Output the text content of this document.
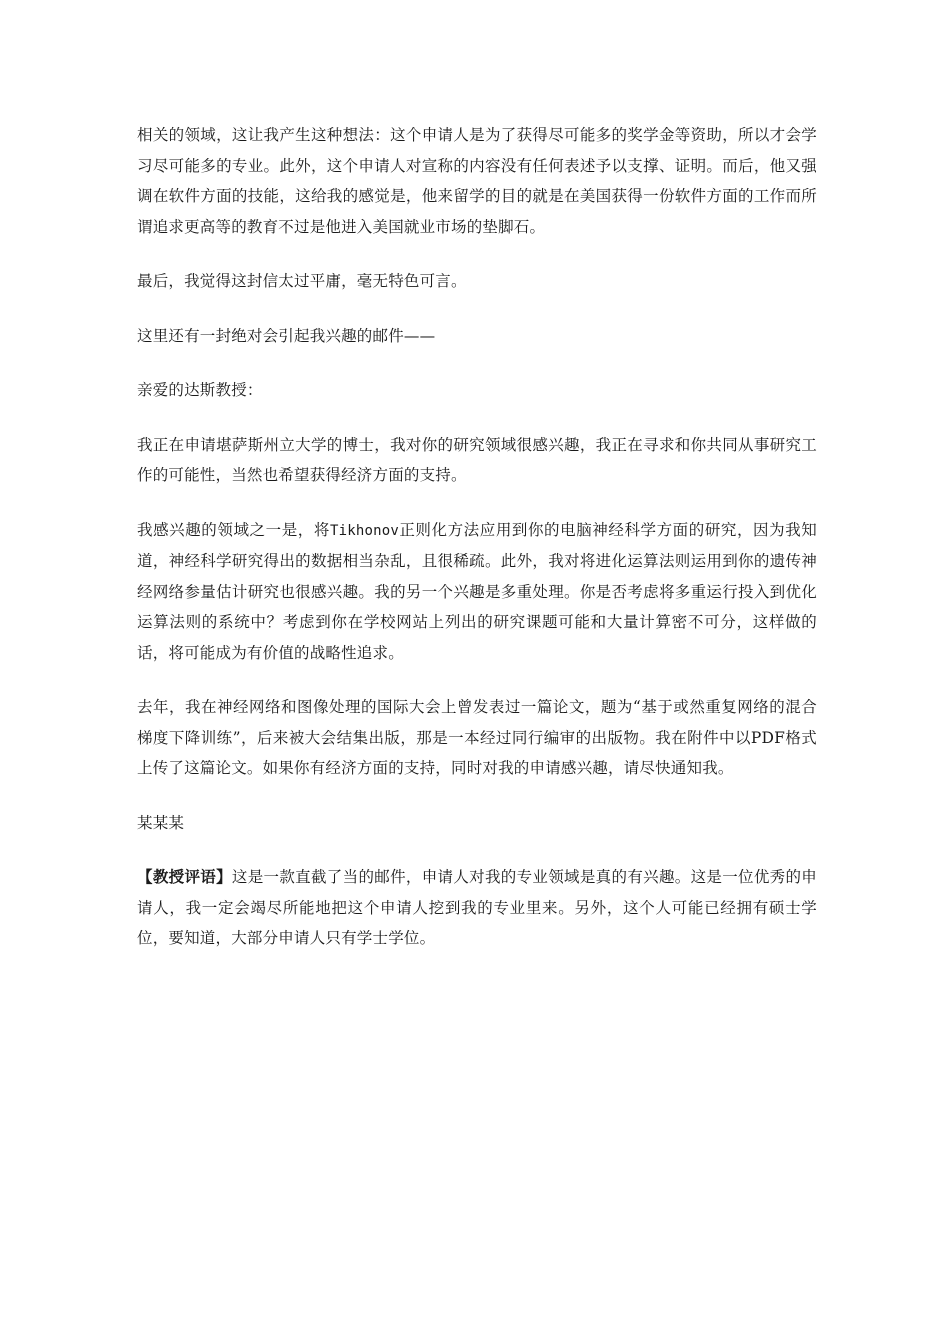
相关的领域，这让我产生这种想法：这个申请人是为了获得尽可能多的奖学金等资助，所以才会学习尽可能多的专业。此外，这个申请人对宣称的内容没有任何表述予以支撑、证明。而后，他又强调在软件方面的技能，这给我的感觉是，他来留学的目的就是在美国获得一份软件方面的工作而所谓追求更高等的教育不过是他进入美国就业市场的垫脚石。

最后，我觉得这封信太过平庸，毫无特色可言。

这里还有一封绝对会引起我兴趣的邮件——

亲爱的达斯教授：

我正在申请堪萨斯州立大学的博士，我对你的研究领域很感兴趣，我正在寻求和你共同从事研究工作的可能性，当然也希望获得经济方面的支持。

我感兴趣的领域之一是，将Tikhonov正则化方法应用到你的电脑神经科学方面的研究，因为我知道，神经科学研究得出的数据相当杂乱，且很稀疏。此外，我对将进化运算法则运用到你的遗传神经网络参量估计研究也很感兴趣。我的另一个兴趣是多重处理。你是否考虑将多重运行投入到优化运算法则的系统中？考虑到你在学校网站上列出的研究课题可能和大量计算密不可分，这样做的话，将可能成为有价值的战略性追求。

去年，我在神经网络和图像处理的国际大会上曾发表过一篇论文，题为“基于或然重复网络的混合梯度下降训练”，后来被大会结集出版，那是一本经过同行编审的出版物。我在附件中以PDF格式上传了这篇论文。如果你有经济方面的支持，同时对我的申请感兴趣，请尽快通知我。

某某某

【教授评语】这是一款直截了当的邮件，申请人对我的专业领域是真的有兴趣。这是一位优秀的申请人，我一定会竭尽所能地把这个申请人挖到我的专业里来。另外，这个人可能已经拥有硕士学位，要知道，大部分申请人只有学士学位。
